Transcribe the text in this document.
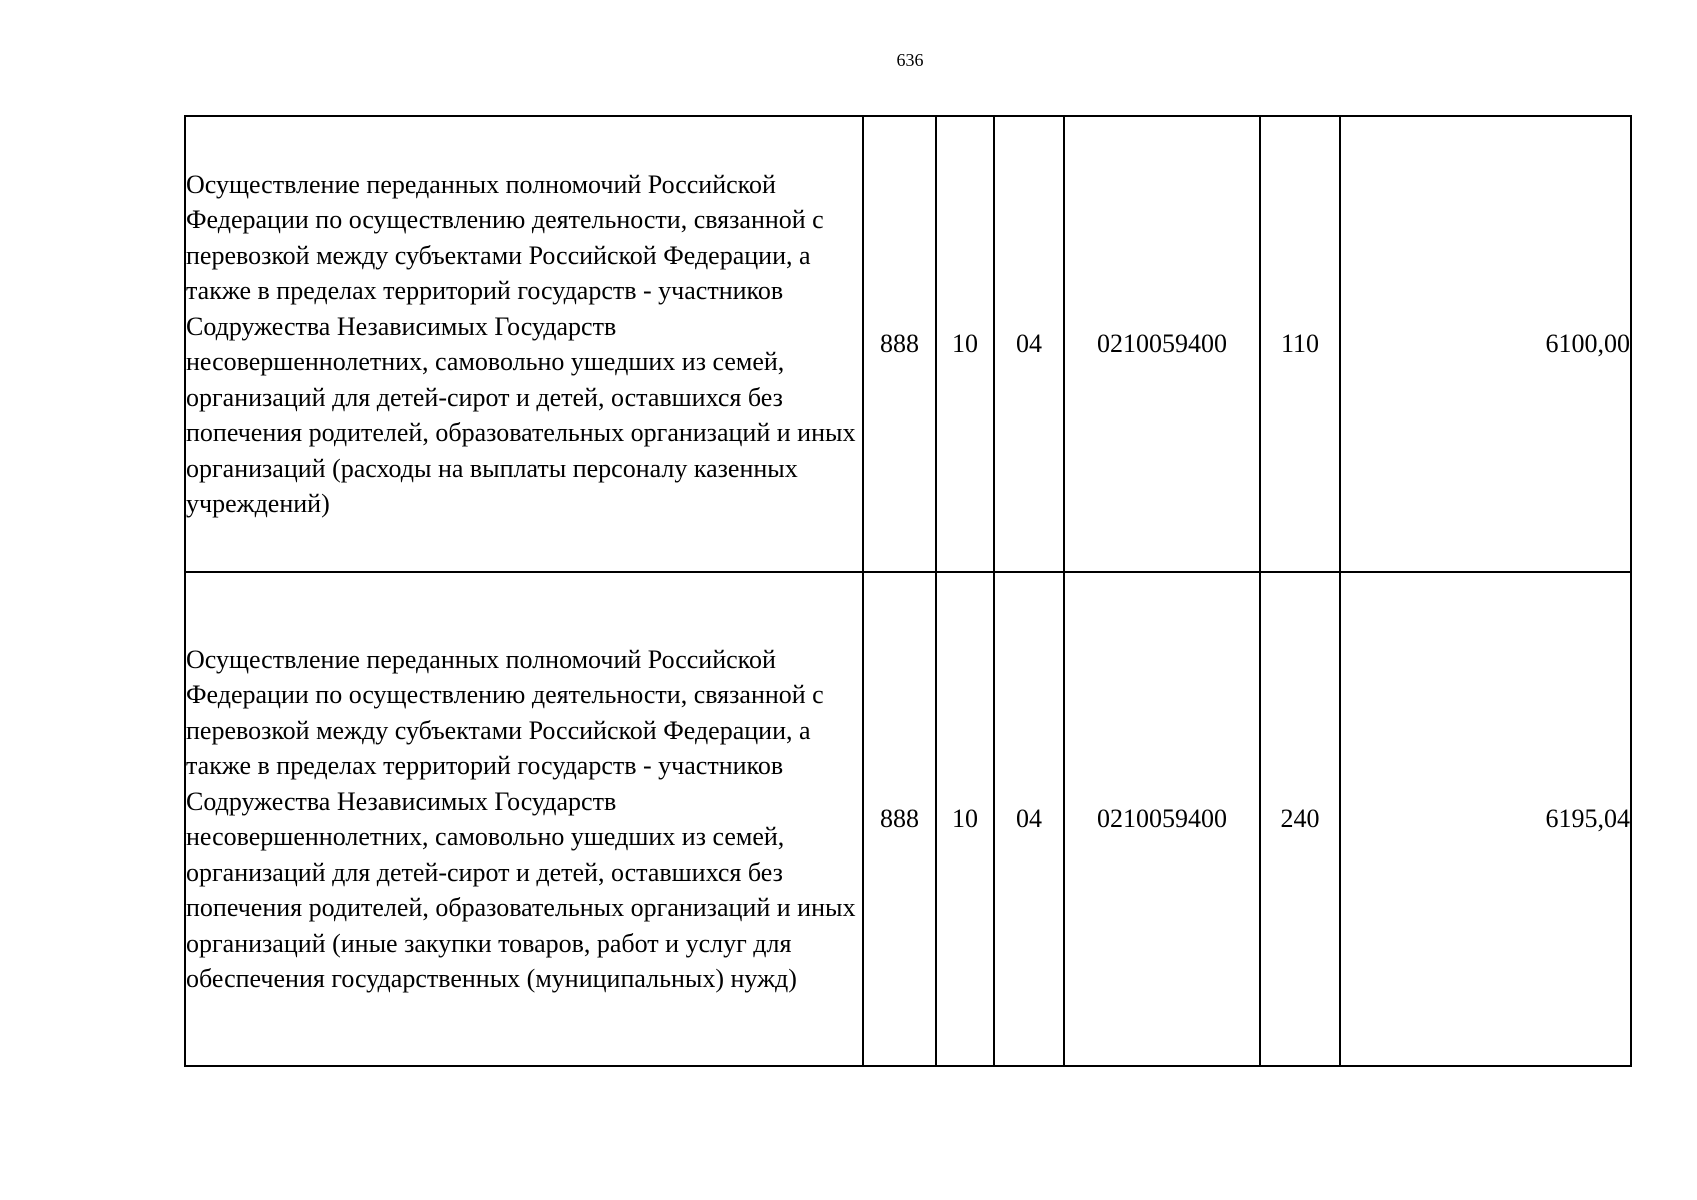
636
Осуществление переданных полномочий Российской Федерации по осуществлению деятельности, связанной с перевозкой между субъектами Российской Федерации, а также в пределах территорий государств - участников Содружества Независимых Государств несовершеннолетних, самовольно ушедших из семей, организаций для детей-сирот и детей, оставшихся без попечения родителей, образовательных организаций и иных организаций (расходы на выплаты персоналу казенных учреждений)	888	10	04	0210059400	110	6100,00
Осуществление переданных полномочий Российской Федерации по осуществлению деятельности, связанной с перевозкой между субъектами Российской Федерации, а также в пределах территорий государств - участников Содружества Независимых Государств несовершеннолетних, самовольно ушедших из семей, организаций для детей-сирот и детей, оставшихся без попечения родителей, образовательных организаций и иных организаций (иные закупки товаров, работ и услуг для обеспечения государственных (муниципальных) нужд)	888	10	04	0210059400	240	6195,04
